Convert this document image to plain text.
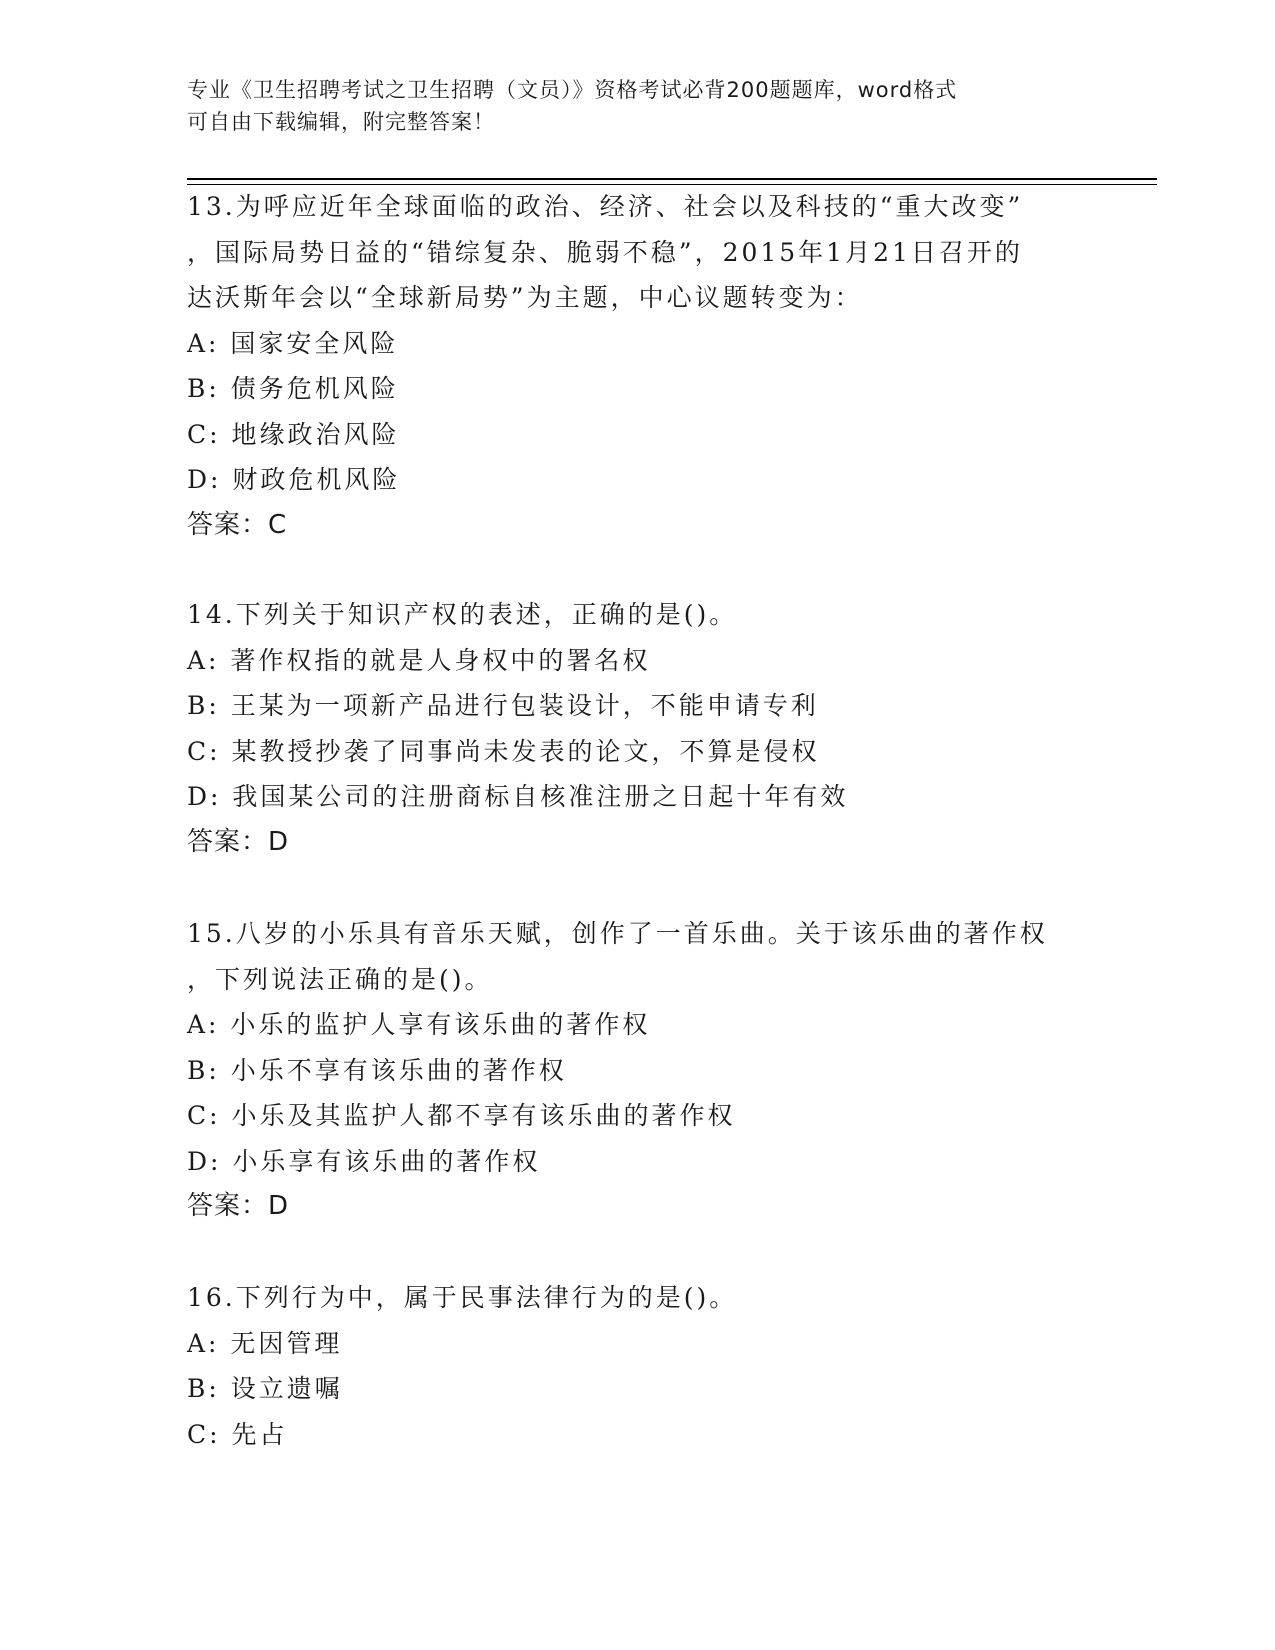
专业《卫生招聘考试之卫生招聘（文员）》资格考试必背200题题库，word格式
可自由下载编辑，附完整答案！
13.为呼应近年全球面临的政治、经济、社会以及科技的“重大改变”
，国际局势日益的“错综复杂、脆弱不稳”，2015年1月21日召开的
达沃斯年会以“全球新局势”为主题，中心议题转变为：
A: 国家安全风险
B: 债务危机风险
C: 地缘政治风险
D: 财政危机风险
答案：C
14.下列关于知识产权的表述，正确的是()。
A: 著作权指的就是人身权中的署名权
B: 王某为一项新产品进行包装设计，不能申请专利
C: 某教授抄袭了同事尚未发表的论文，不算是侵权
D: 我国某公司的注册商标自核准注册之日起十年有效
答案：D
15.八岁的小乐具有音乐天赋，创作了一首乐曲。关于该乐曲的著作权
，下列说法正确的是()。
A: 小乐的监护人享有该乐曲的著作权
B: 小乐不享有该乐曲的著作权
C: 小乐及其监护人都不享有该乐曲的著作权
D: 小乐享有该乐曲的著作权
答案：D
16.下列行为中，属于民事法律行为的是()。
A: 无因管理
B: 设立遗嘱
C: 先占
